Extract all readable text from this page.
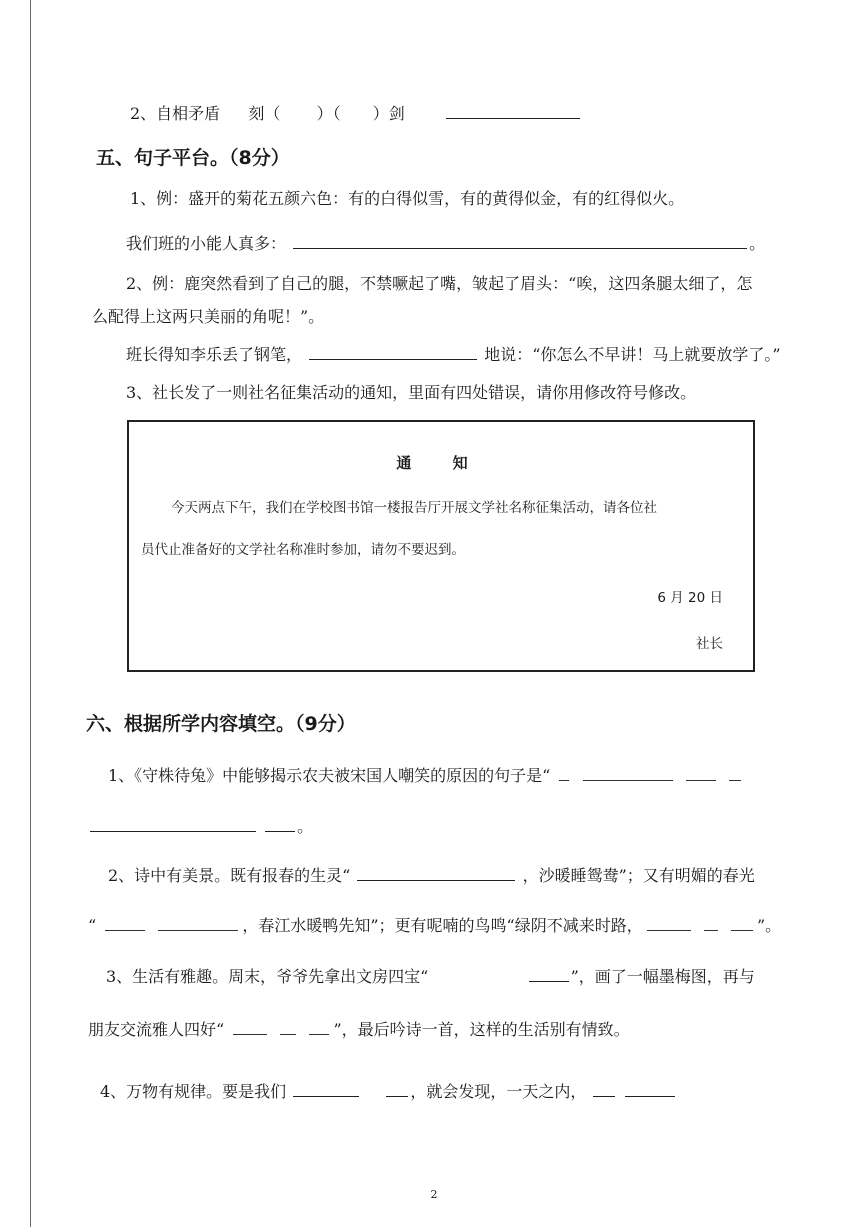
2、自相矛盾 刻（ ）（ ）剑
五、句子平台。（8分）
1、例：盛开的菊花五颜六色：有的白得似雪，有的黄得似金，有的红得似火。
我们班的小能人真多：	。
2、例：鹿突然看到了自己的腿，不禁噘起了嘴，皱起了眉头：“唉，这四条腿太细了，怎
么配得上这两只美丽的角呢！”。
班长得知李乐丢了钢笔，	地说：“你怎么不早讲！马上就要放学了。”
3、社长发了一则社名征集活动的通知，里面有四处错误，请你用修改符号修改。
通 知
今天两点下午，我们在学校图书馆一楼报告厅开展文学社名称征集活动，请各位社
员代止准备好的文学社名称准时参加，请勿不要迟到。
6 月 20 日
社长
六、根据所学内容填空。（9分）
1、《守株待兔》中能够揭示农夫被宋国人嘲笑的原因的句子是“
。
2、诗中有美景。既有报春的生灵“	，沙暖睡鸳鸯”；又有明媚的春光
“	，春江水暖鸭先知”；更有呢喃的鸟鸣“绿阴不减来时路，	”。
3、生活有雅趣。周末，爷爷先拿出文房四宝“	”，画了一幅墨梅图，再与
朋友交流雅人四好“	”，最后吟诗一首，这样的生活别有情致。
4、万物有规律。要是我们	，就会发现，一天之内，
2
